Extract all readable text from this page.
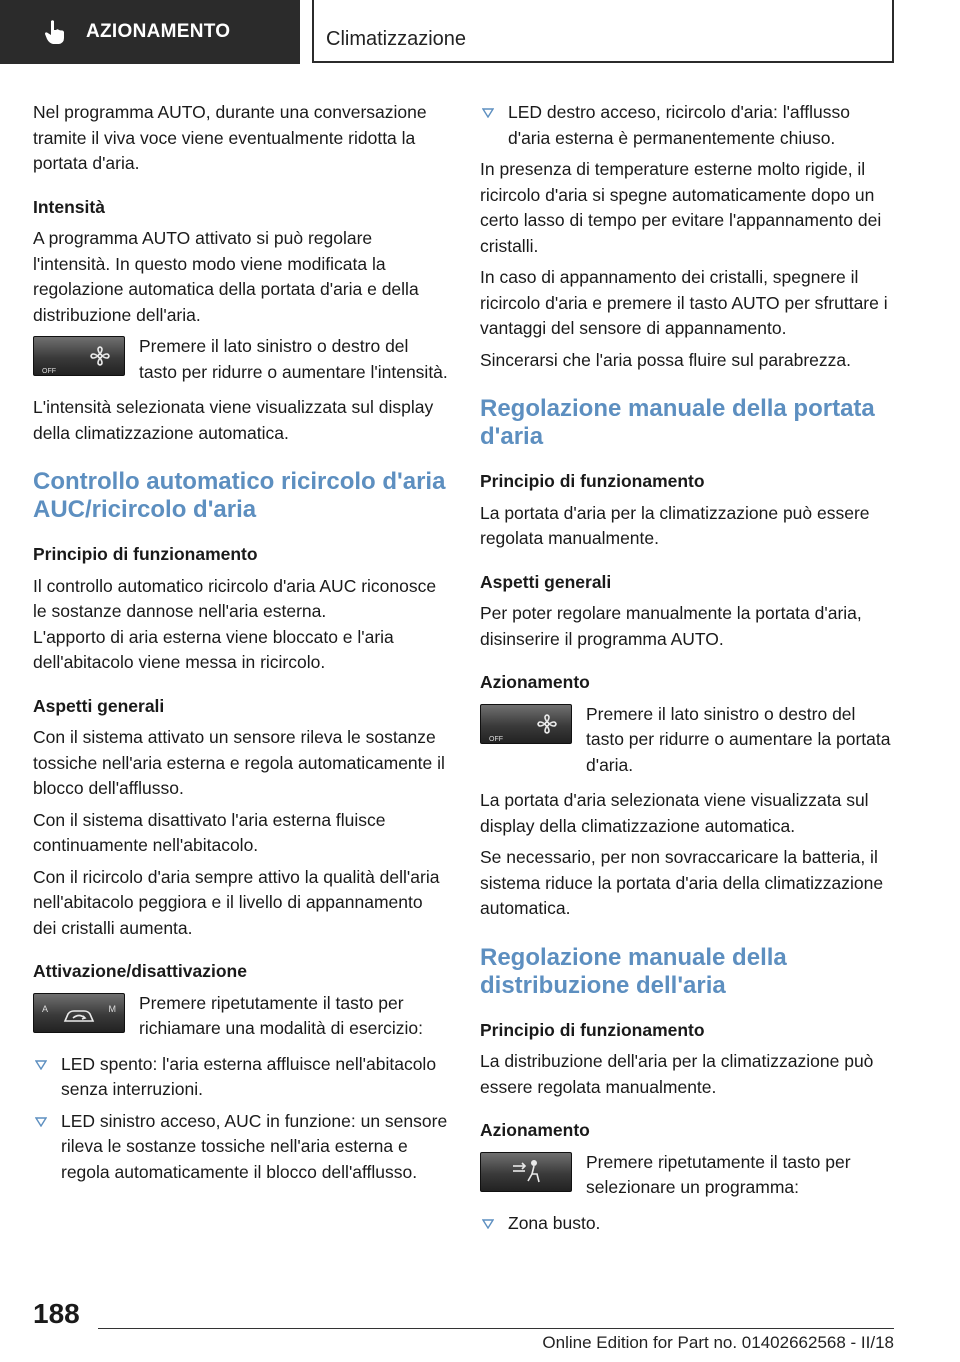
AZIONAMENTO	Climatizzazione

Nel programma AUTO, durante una conversazione tramite il viva voce viene eventualmente ridotta la portata d'aria.

Intensità

A programma AUTO attivato si può regolare l'intensità. In questo modo viene modificata la regolazione automatica della portata d'aria e della distribuzione dell'aria.

OFF
Premere il lato sinistro o destro del tasto per ridurre o aumentare l'intensità.

L'intensità selezionata viene visualizzata sul display della climatizzazione automatica.

Controllo automatico ricircolo d'aria AUC/ricircolo d'aria
Principio di funzionamento

Il controllo automatico ricircolo d'aria AUC riconosce le sostanze dannose nell'aria esterna.

L'apporto di aria esterna viene bloccato e l'aria dell'abitacolo viene messa in ricircolo.

Aspetti generali

Con il sistema attivato un sensore rileva le sostanze tossiche nell'aria esterna e regola automaticamente il blocco dell'afflusso.

Con il sistema disattivato l'aria esterna fluisce continuamente nell'abitacolo.

Con il ricircolo d'aria sempre attivo la qualità dell'aria nell'abitacolo peggiora e il livello di appannamento dei cristalli aumenta.

Attivazione/disattivazione
A	M Premere ripetutamente il tasto per richiamare una modalità di esercizio:
LED spento: l'aria esterna affluisce nell'abitacolo senza interruzioni.
LED sinistro acceso, AUC in funzione: un sensore rileva le sostanze tossiche nell'aria esterna e regola automaticamente il blocco dell'afflusso.
LED destro acceso, ricircolo d'aria: l'afflusso d'aria esterna è permanentemente chiuso.

In presenza di temperature esterne molto rigide, il ricircolo d'aria si spegne automaticamente dopo un certo lasso di tempo per evitare l'appannamento dei cristalli.

In caso di appannamento dei cristalli, spegnere il ricircolo d'aria e premere il tasto AUTO per sfruttare i vantaggi del sensore di appannamento.

Sincerarsi che l'aria possa fluire sul parabrezza.

Regolazione manuale della portata d'aria
Principio di funzionamento

La portata d'aria per la climatizzazione può essere regolata manualmente.

Aspetti generali

Per poter regolare manualmente la portata d'aria, disinserire il programma AUTO.

Azionamento
OFF
Premere il lato sinistro o destro del tasto per ridurre o aumentare la portata d'aria.

La portata d'aria selezionata viene visualizzata sul display della climatizzazione automatica.

Se necessario, per non sovraccaricare la batteria, il sistema riduce la portata d'aria della climatizzazione automatica.

Regolazione manuale della distribuzione dell'aria
Principio di funzionamento

La distribuzione dell'aria per la climatizzazione può essere regolata manualmente.

Azionamento
Premere ripetutamente il tasto per selezionare un programma:
Zona busto.
188
Online Edition for Part no. 01402662568 - II/18
